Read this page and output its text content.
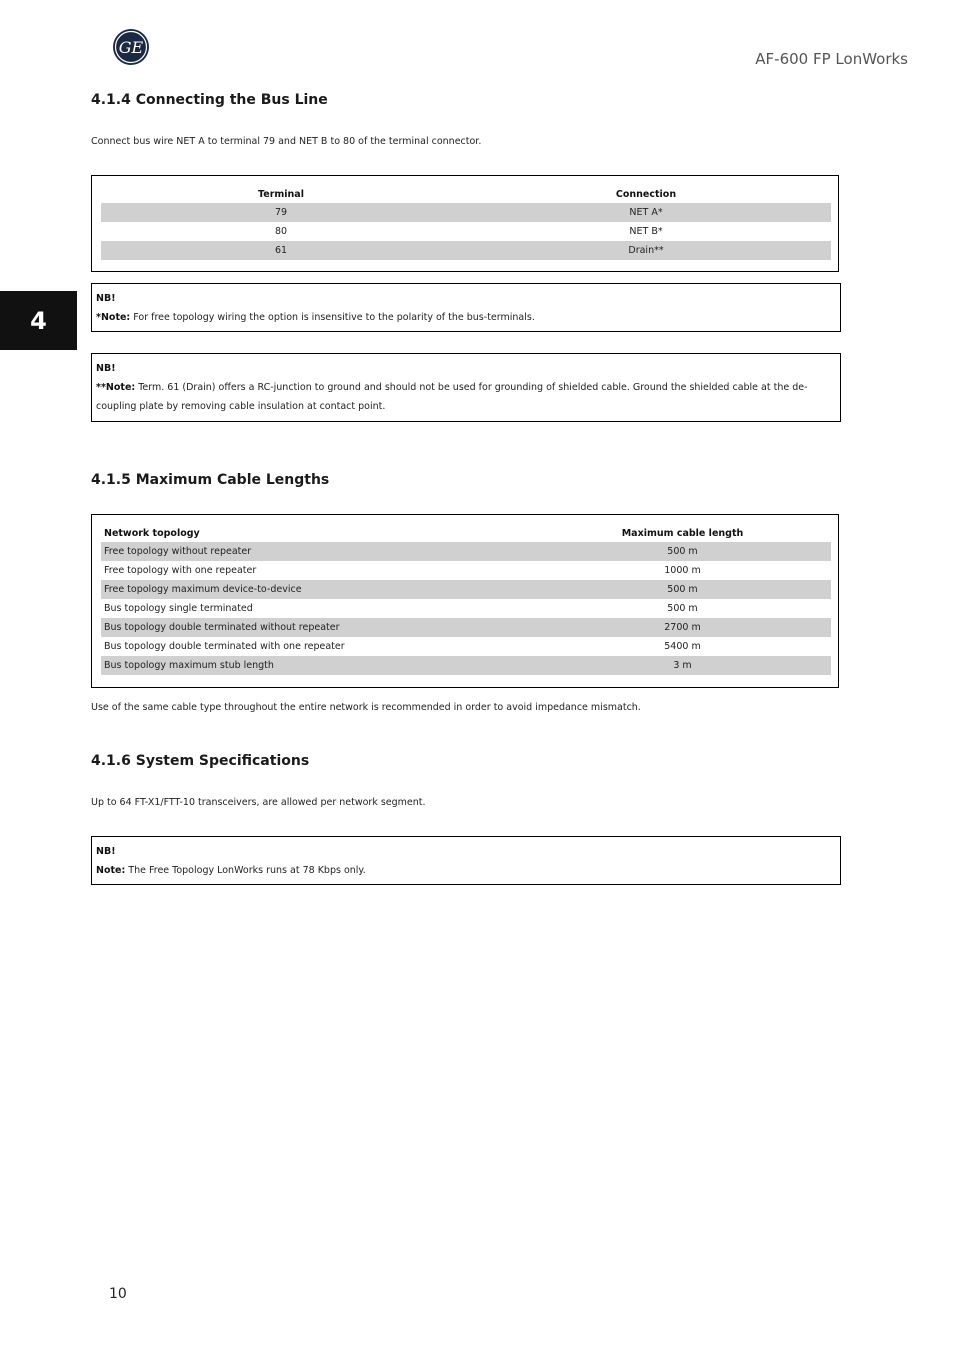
GE
AF-600 FP LonWorks
4
4.1.4 Connecting the Bus Line

Connect bus wire NET A to terminal 79 and NET B to 80 of the terminal connector.

Terminal	Connection
79	NET A*
80	NET B*
61	Drain**
NB!
*Note: For free topology wiring the option is insensitive to the polarity of the bus-terminals.
NB!
**Note: Term. 61 (Drain) offers a RC-junction to ground and should not be used for grounding of shielded cable. Ground the shielded cable at the de-coupling plate by removing cable insulation at contact point.
4.1.5 Maximum Cable Lengths
Network topology	Maximum cable length
Free topology without repeater	500 m
Free topology with one repeater	1000 m
Free topology maximum device-to-device	500 m
Bus topology single terminated	500 m
Bus topology double terminated without repeater	2700 m
Bus topology double terminated with one repeater	5400 m
Bus topology maximum stub length	3 m

Use of the same cable type throughout the entire network is recommended in order to avoid impedance mismatch.

4.1.6 System Specifications

Up to 64 FT-X1/FTT-10 transceivers, are allowed per network segment.

NB!
Note: The Free Topology LonWorks runs at 78 Kbps only.
10
